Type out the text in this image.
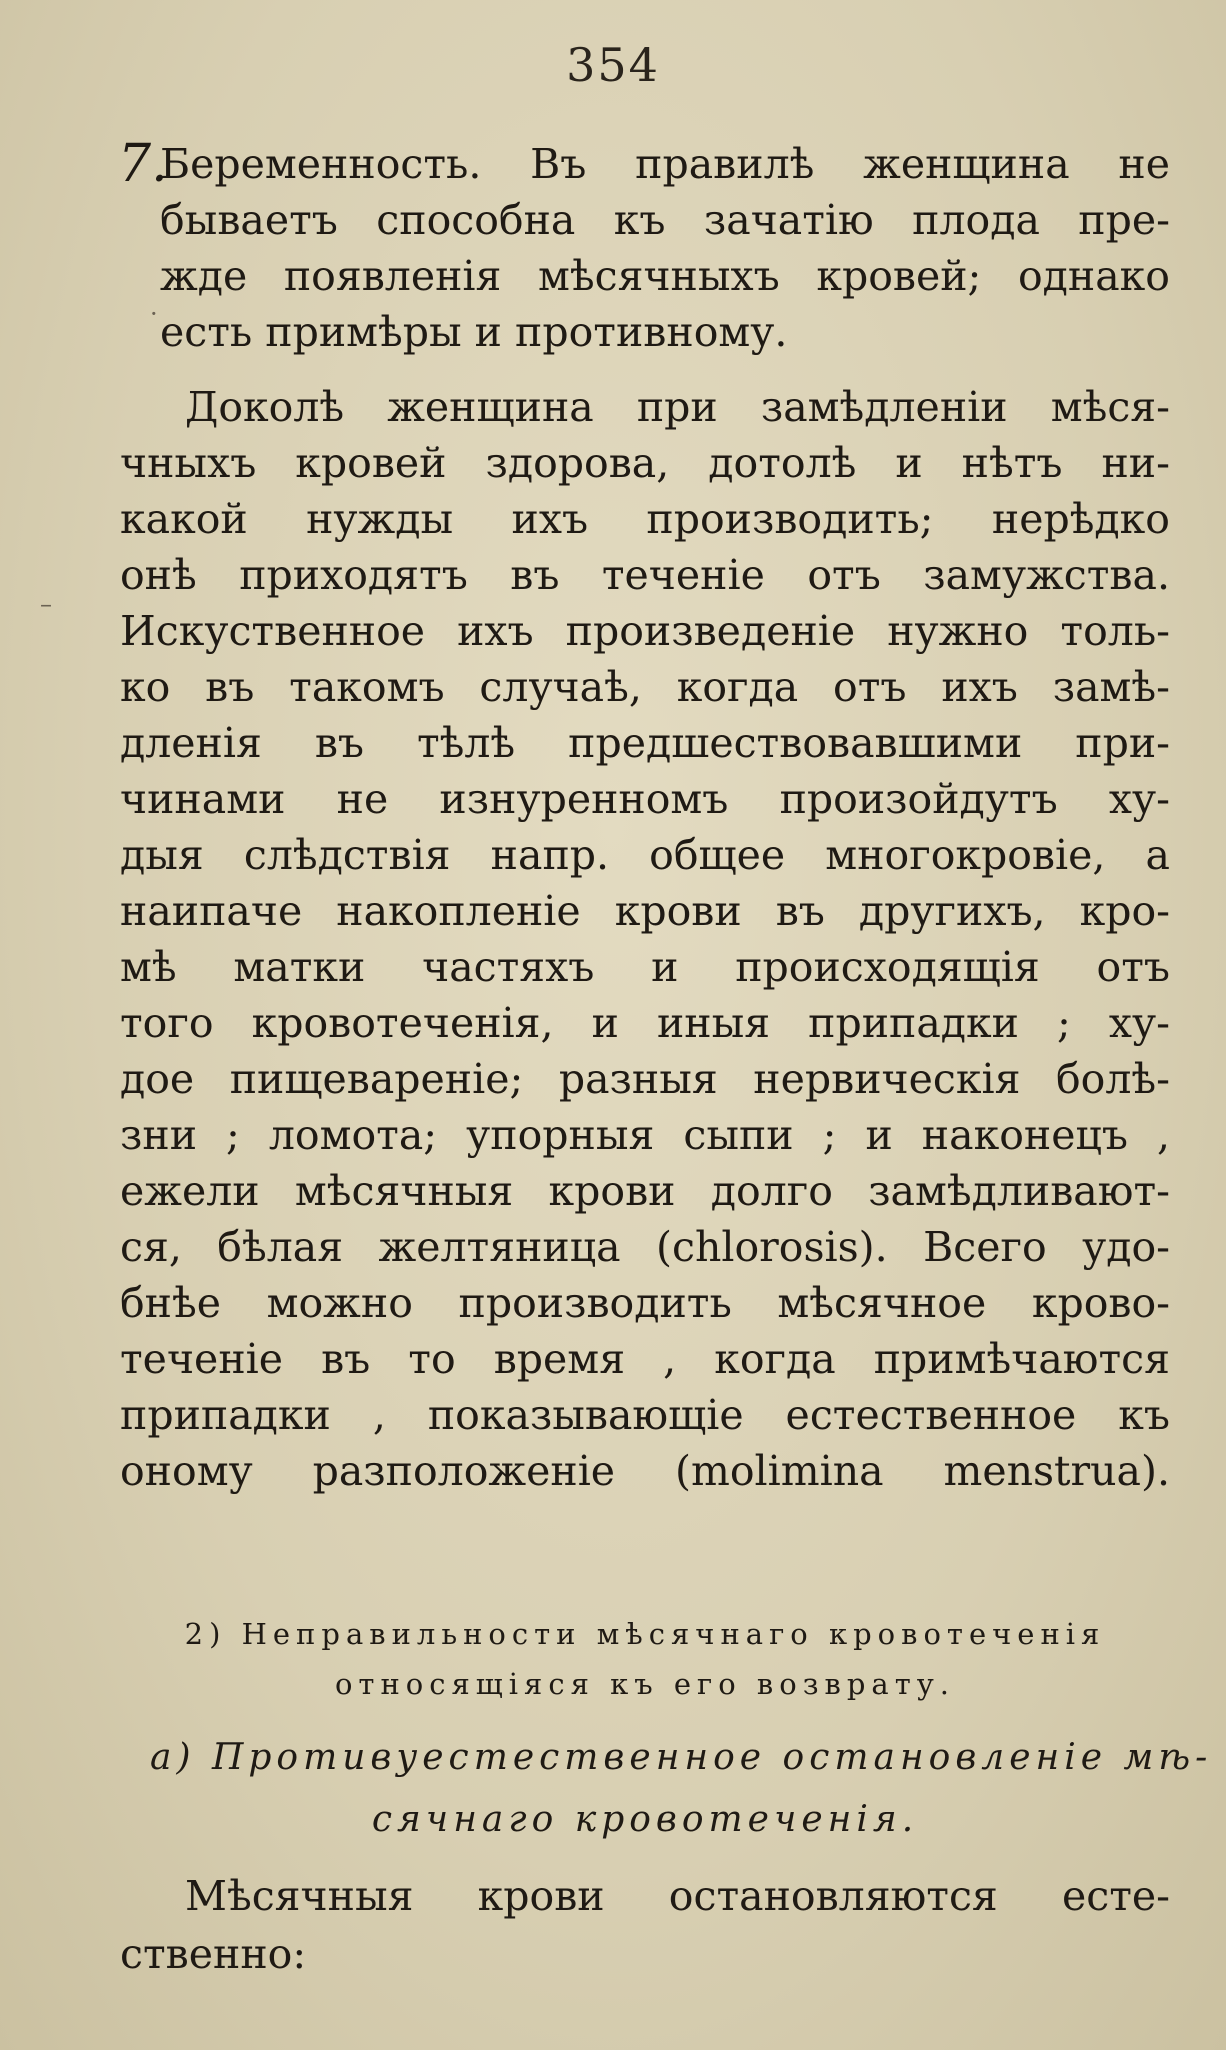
354
7.
Беременность. Въ правилѣ женщина не
бываетъ способна къ зачатію плода пре-
жде появленія мѣсячныхъ кровей; однако
есть примѣры и противному.
Доколѣ женщина при замѣдленіи мѣся-
чныхъ кровей здорова, дотолѣ и нѣтъ ни-
какой нужды ихъ производить; нерѣдко
онѣ приходятъ въ теченіе отъ замужства.
Искуственное ихъ произведеніе нужно толь-
ко въ такомъ случаѣ, когда отъ ихъ замѣ-
дленія въ тѣлѣ предшествовавшими при-
чинами не изнуренномъ произойдутъ ху-
дыя слѣдствія напр. общее многокровіе, а
наипаче накопленіе крови въ другихъ, кро-
мѣ матки частяхъ и происходящія отъ
того кровотеченія, и иныя припадки ; ху-
дое пищевареніе; разныя нервическія болѣ-
зни ; ломота; упорныя сыпи ; и наконецъ ,
ежели мѣсячныя крови долго замѣдливают-
ся, бѣлая желтяница (chlorosis). Всего удо-
бнѣе можно производить мѣсячное крово-
теченіе въ то время , когда примѣчаются
припадки , показывающіе естественное къ
оному разположеніе (molimina menstrua).
2) Неправильности мѣсячнаго кровотеченія
относящіяся къ его возврату.
a) Противуестественное остановленіе мѣ-
сячнаго кровотеченія.
Мѣсячныя крови остановляются есте-
ственно:
–
·
